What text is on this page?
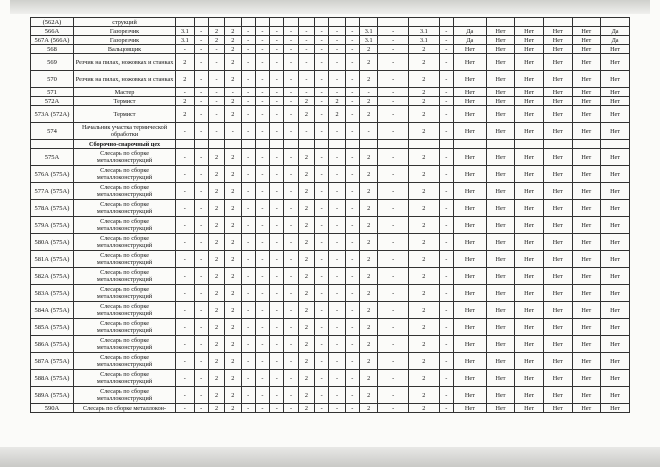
(562А)	струкций																						
566А	Газорезчик	3.1	-	2	2	-	-	-	-	-	-	-	-	3.1	-	3.1	-	Да	Нет	Нет	Нет	Нет	Да
567А (566А)	Газорезчик	3.1	-	2	2	-	-	-	-	-	-	-	-	3.1	-	3.1	-	Да	Нет	Нет	Нет	Нет	Да
568	Вальцовщик	-	-	-	2	-	-	-	-	-	-	-	-	2	-	2	-	Нет	Нет	Нет	Нет	Нет	Нет
569	Резчик на пилах, ножовках и станках	2	-	-	2	-	-	-	-	-	-	-	-	2	-	2	-	Нет	Нет	Нет	Нет	Нет	Нет
570	Резчик на пилах, ножовках и станках	2	-	-	2	-	-	-	-	-	-	-	-	2	-	2	-	Нет	Нет	Нет	Нет	Нет	Нет
571	Мастер	-	-	-	-	-	-	-	-	-	-	-	-	-	-	2	-	Нет	Нет	Нет	Нет	Нет	Нет
572А	Термист	2	-	-	2	-	-	-	-	2	-	2	-	2	-	2	-	Нет	Нет	Нет	Нет	Нет	Нет
573А (572А)	Термист	2	-	-	2	-	-	-	-	2	-	2	-	2	-	2	-	Нет	Нет	Нет	Нет	Нет	Нет
574	Начальник участка термической обработки	-	-	-	-	-	-	-	-	-	-	-	-	-	-	2	-	Нет	Нет	Нет	Нет	Нет	Нет
	Сборочно-сварочный цех																						
575А	Слесарь по сборке металлоконструкций	-	-	2	2	-	-	-	-	2	-	-	-	2	-	2	-	Нет	Нет	Нет	Нет	Нет	Нет
576А (575А)	Слесарь по сборке металлоконструкций	-	-	2	2	-	-	-	-	2	-	-	-	2	-	2	-	Нет	Нет	Нет	Нет	Нет	Нет
577А (575А)	Слесарь по сборке металлоконструкций	-	-	2	2	-	-	-	-	2	-	-	-	2	-	2	-	Нет	Нет	Нет	Нет	Нет	Нет
578А (575А)	Слесарь по сборке металлоконструкций	-	-	2	2	-	-	-	-	2	-	-	-	2	-	2	-	Нет	Нет	Нет	Нет	Нет	Нет
579А (575А)	Слесарь по сборке металлоконструкций	-	-	2	2	-	-	-	-	2	-	-	-	2	-	2	-	Нет	Нет	Нет	Нет	Нет	Нет
580А (575А)	Слесарь по сборке металлоконструкций	-	-	2	2	-	-	-	-	2	-	-	-	2	-	2	-	Нет	Нет	Нет	Нет	Нет	Нет
581А (575А)	Слесарь по сборке металлоконструкций	-	-	2	2	-	-	-	-	2	-	-	-	2	-	2	-	Нет	Нет	Нет	Нет	Нет	Нет
582А (575А)	Слесарь по сборке металлоконструкций	-	-	2	2	-	-	-	-	2	-	-	-	2	-	2	-	Нет	Нет	Нет	Нет	Нет	Нет
583А (575А)	Слесарь по сборке металлоконструкций	-	-	2	2	-	-	-	-	2	-	-	-	2	-	2	-	Нет	Нет	Нет	Нет	Нет	Нет
584А (575А)	Слесарь по сборке металлоконструкций	-	-	2	2	-	-	-	-	2	-	-	-	2	-	2	-	Нет	Нет	Нет	Нет	Нет	Нет
585А (575А)	Слесарь по сборке металлоконструкций	-	-	2	2	-	-	-	-	2	-	-	-	2	-	2	-	Нет	Нет	Нет	Нет	Нет	Нет
586А (575А)	Слесарь по сборке металлоконструкций	-	-	2	2	-	-	-	-	2	-	-	-	2	-	2	-	Нет	Нет	Нет	Нет	Нет	Нет
587А (575А)	Слесарь по сборке металлоконструкций	-	-	2	2	-	-	-	-	2	-	-	-	2	-	2	-	Нет	Нет	Нет	Нет	Нет	Нет
588А (575А)	Слесарь по сборке металлоконструкций	-	-	2	2	-	-	-	-	2	-	-	-	2	-	2	-	Нет	Нет	Нет	Нет	Нет	Нет
589А (575А)	Слесарь по сборке металлоконструкций	-	-	2	2	-	-	-	-	2	-	-	-	2	-	2	-	Нет	Нет	Нет	Нет	Нет	Нет
590А	Слесарь по сборке металлокон-	-	-	2	2	-	-	-	-	2	-	-	-	2	-	2	-	Нет	Нет	Нет	Нет	Нет	Нет
